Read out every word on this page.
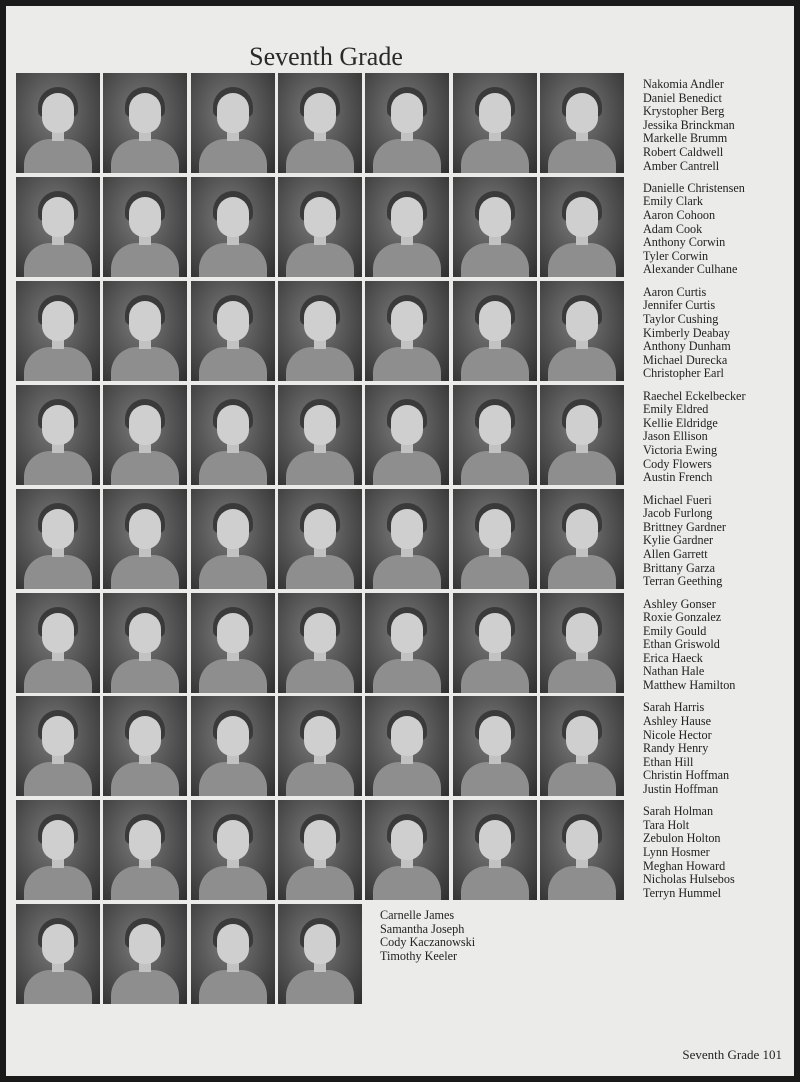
Seventh Grade
Seventh Grade 101
Nakomia Andler
Daniel Benedict
Krystopher Berg
Jessika Brinckman
Markelle Brumm
Robert Caldwell
Amber Cantrell
Danielle Christensen
Emily Clark
Aaron Cohoon
Adam Cook
Anthony Corwin
Tyler Corwin
Alexander Culhane
Aaron Curtis
Jennifer Curtis
Taylor Cushing
Kimberly Deabay
Anthony Dunham
Michael Durecka
Christopher Earl
Raechel Eckelbecker
Emily Eldred
Kellie Eldridge
Jason Ellison
Victoria Ewing
Cody Flowers
Austin French
Michael Fueri
Jacob Furlong
Brittney Gardner
Kylie Gardner
Allen Garrett
Brittany Garza
Terran Geething
Ashley Gonser
Roxie Gonzalez
Emily Gould
Ethan Griswold
Erica Haeck
Nathan Hale
Matthew Hamilton
Sarah Harris
Ashley Hause
Nicole Hector
Randy Henry
Ethan Hill
Christin Hoffman
Justin Hoffman
Sarah Holman
Tara Holt
Zebulon Holton
Lynn Hosmer
Meghan Howard
Nicholas Hulsebos
Terryn Hummel
Carnelle James
Samantha Joseph
Cody Kaczanowski
Timothy Keeler
